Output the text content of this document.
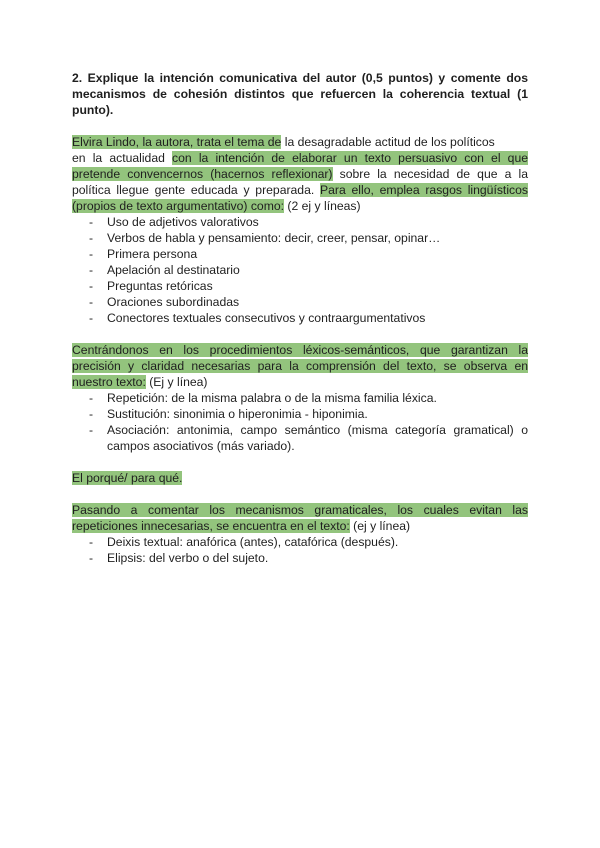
2. Explique la intención comunicativa del autor (0,5 puntos) y comente dos mecanismos de cohesión distintos que refuercen la coherencia textual (1 punto).

Elvira Lindo, la autora, trata el tema de la desagradable actitud de los políticos

en la actualidad con la intención de elaborar un texto persuasivo con el que pretende convencernos (hacernos reflexionar) sobre la necesidad de que a la política llegue gente educada y preparada. Para ello, emplea rasgos lingüísticos (propios de texto argumentativo) como: (2 ej y líneas)

- Uso de adjetivos valorativos
- Verbos de habla y pensamiento: decir, creer, pensar, opinar…
- Primera persona
- Apelación al destinatario
- Preguntas retóricas
- Oraciones subordinadas
- Conectores textuales consecutivos y contraargumentativos

Centrándonos en los procedimientos léxicos-semánticos, que garantizan la precisión y claridad necesarias para la comprensión del texto, se observa en nuestro texto: (Ej y línea)

- Repetición: de la misma palabra o de la misma familia léxica.
- Sustitución: sinonimia o hiperonimia - hiponimia.
- Asociación: antonimia, campo semántico (misma categoría gramatical) o campos asociativos (más variado).

El porqué/ para qué.

Pasando a comentar los mecanismos gramaticales, los cuales evitan las repeticiones innecesarias, se encuentra en el texto: (ej y línea)

- Deixis textual: anafórica (antes), catafórica (después).
- Elipsis: del verbo o del sujeto.
